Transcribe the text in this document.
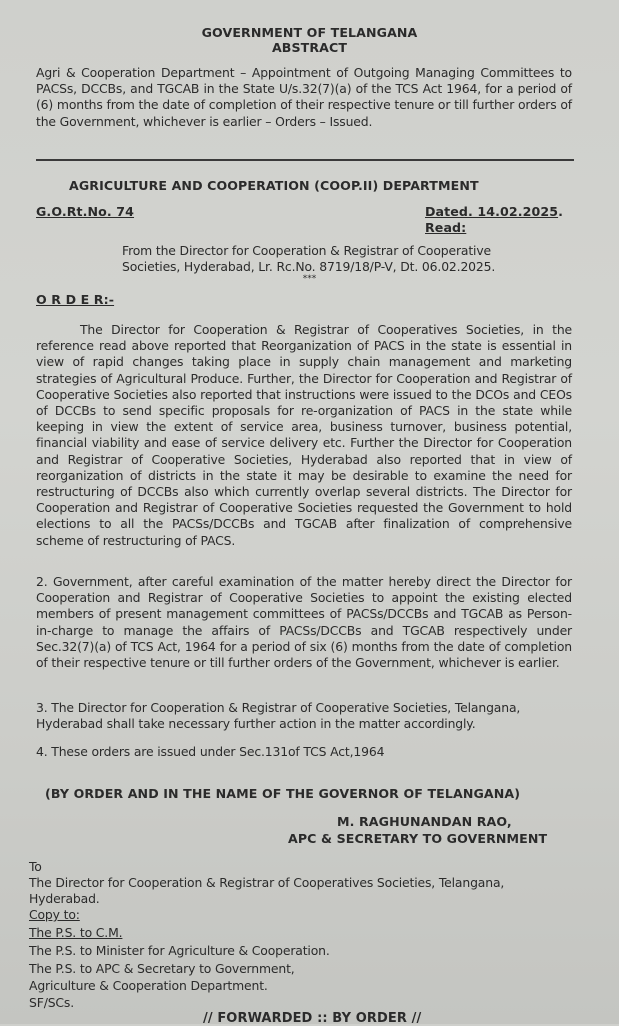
GOVERNMENT OF TELANGANA
ABSTRACT

Agri & Cooperation Department – Appointment of Outgoing Managing Committees to PACSs, DCCBs, and TGCAB in the State U/s.32(7)(a) of the TCS Act 1964, for a period of (6) months from the date of completion of their respective tenure or till further orders of the Government, whichever is earlier – Orders – Issued.

AGRICULTURE AND COOPERATION (COOP.II) DEPARTMENT
G.O.Rt.No. 74	Dated. 14.02.2025.
Read:

From the Director for Cooperation & Registrar of Cooperative Societies, Hyderabad, Lr. Rc.No. 8719/18/P-V, Dt. 06.02.2025.

***
O R D E R:-

The Director for Cooperation & Registrar of Cooperatives Societies, in the reference read above reported that Reorganization of PACS in the state is essential in view of rapid changes taking place in supply chain management and marketing strategies of Agricultural Produce. Further, the Director for Cooperation and Registrar of Cooperative Societies also reported that instructions were issued to the DCOs and CEOs of DCCBs to send specific proposals for re-organization of PACS in the state while keeping in view the extent of service area, business turnover, business potential, financial viability and ease of service delivery etc. Further the Director for Cooperation and Registrar of Cooperative Societies, Hyderabad also reported that in view of reorganization of districts in the state it may be desirable to examine the need for restructuring of DCCBs also which currently overlap several districts. The Director for Cooperation and Registrar of Cooperative Societies requested the Government to hold elections to all the PACSs/DCCBs and TGCAB after finalization of comprehensive scheme of restructuring of PACS.

2. Government, after careful examination of the matter hereby direct the Director for Cooperation and Registrar of Cooperative Societies to appoint the existing elected members of present management committees of PACSs/DCCBs and TGCAB as Person-in-charge to manage the affairs of PACSs/DCCBs and TGCAB respectively under Sec.32(7)(a) of TCS Act, 1964 for a period of six (6) months from the date of completion of their respective tenure or till further orders of the Government, whichever is earlier.

3. The Director for Cooperation & Registrar of Cooperative Societies, Telangana, Hyderabad shall take necessary further action in the matter accordingly.

4. These orders are issued under Sec.131of TCS Act,1964

(BY ORDER AND IN THE NAME OF THE GOVERNOR OF TELANGANA)
M. RAGHUNANDAN RAO,
APC & SECRETARY TO GOVERNMENT
To
The Director for Cooperation & Registrar of Cooperatives Societies, Telangana,
Hyderabad.
Copy to:
The P.S. to C.M.
The P.S. to Minister for Agriculture & Cooperation.
The P.S. to APC & Secretary to Government,
Agriculture & Cooperation Department.
SF/SCs.
// FORWARDED :: BY ORDER //
